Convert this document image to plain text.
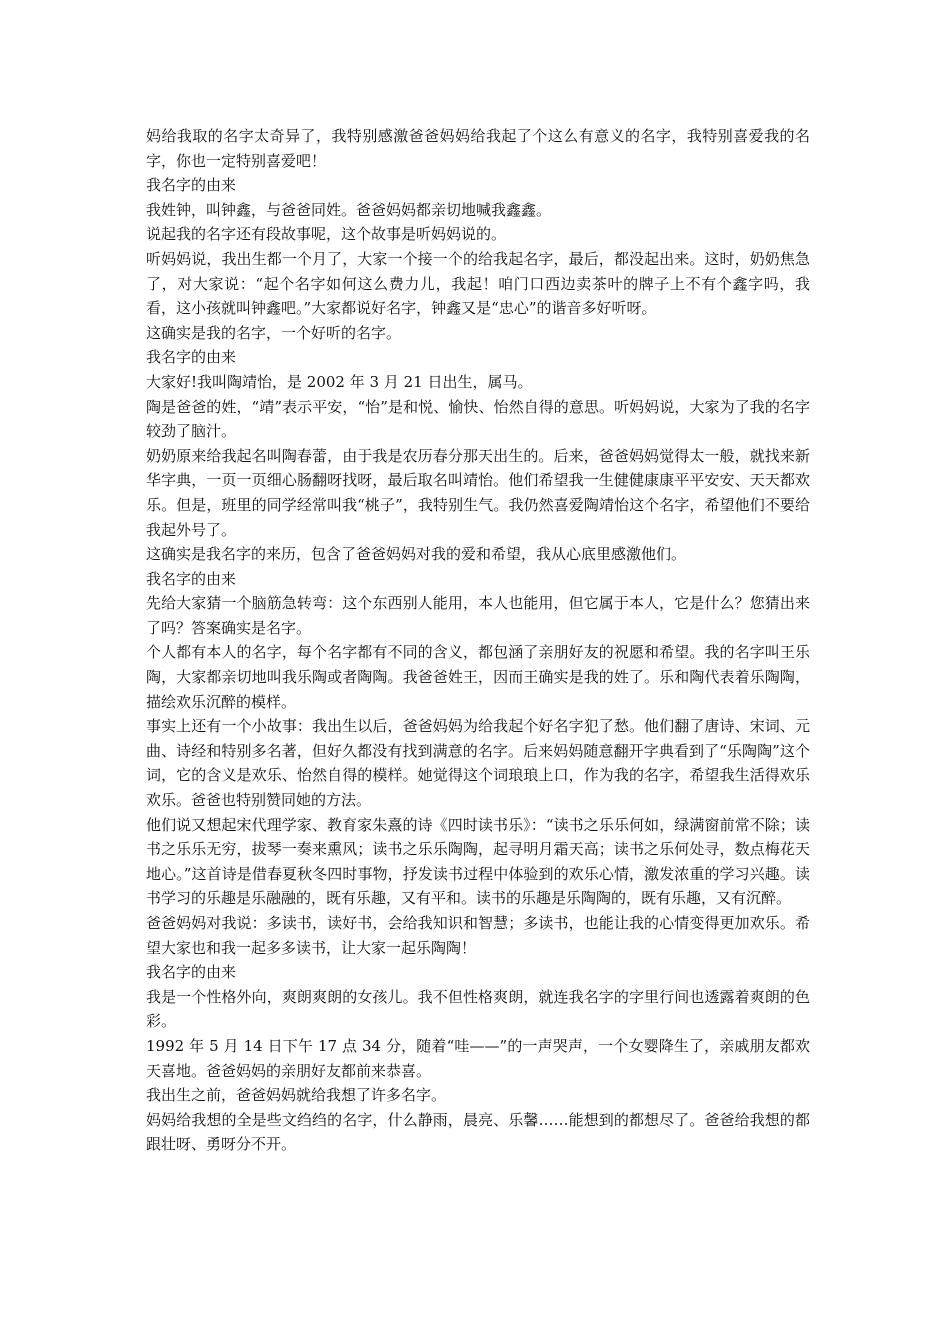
妈给我取的名字太奇异了，我特别感激爸爸妈妈给我起了个这么有意义的名字，我特别喜爱我的名字，你也一定特别喜爱吧！

我名字的由来

我姓钟，叫钟鑫，与爸爸同姓。爸爸妈妈都亲切地喊我鑫鑫。

说起我的名字还有段故事呢，这个故事是听妈妈说的。

听妈妈说，我出生都一个月了，大家一个接一个的给我起名字，最后，都没起出来。这时，奶奶焦急了，对大家说：“起个名字如何这么费力儿，我起！咱门口西边卖茶叶的牌子上不有个鑫字吗，我看，这小孩就叫钟鑫吧。”大家都说好名字，钟鑫又是“忠心”的谐音多好听呀。

这确实是我的名字，一个好听的名字。

我名字的由来

大家好!我叫陶靖怡，是 2002 年 3 月 21 日出生，属马。

陶是爸爸的姓，“靖”表示平安，“怡”是和悦、愉快、怡然自得的意思。听妈妈说，大家为了我的名字较劲了脑汁。

奶奶原来给我起名叫陶春蕾，由于我是农历春分那天出生的。后来，爸爸妈妈觉得太一般，就找来新华字典，一页一页细心肠翻呀找呀，最后取名叫靖怡。他们希望我一生健健康康平平安安、天天都欢乐。但是，班里的同学经常叫我“桃子”，我特别生气。我仍然喜爱陶靖怡这个名字，希望他们不要给我起外号了。

这确实是我名字的来历，包含了爸爸妈妈对我的爱和希望，我从心底里感激他们。

我名字的由来

先给大家猜一个脑筋急转弯：这个东西别人能用，本人也能用，但它属于本人，它是什么？您猜出来了吗？答案确实是名字。

个人都有本人的名字，每个名字都有不同的含义，都包涵了亲朋好友的祝愿和希望。我的名字叫王乐陶，大家都亲切地叫我乐陶或者陶陶。我爸爸姓王，因而王确实是我的姓了。乐和陶代表着乐陶陶，描绘欢乐沉醉的模样。

事实上还有一个小故事：我出生以后，爸爸妈妈为给我起个好名字犯了愁。他们翻了唐诗、宋词、元曲、诗经和特别多名著，但好久都没有找到满意的名字。后来妈妈随意翻开字典看到了“乐陶陶”这个词，它的含义是欢乐、怡然自得的模样。她觉得这个词琅琅上口，作为我的名字，希望我生活得欢乐欢乐。爸爸也特别赞同她的方法。

他们说又想起宋代理学家、教育家朱熹的诗《四时读书乐》：“读书之乐乐何如，绿满窗前常不除；读书之乐乐无穷，拔琴一奏来熏风；读书之乐乐陶陶，起寻明月霜天高；读书之乐何处寻，数点梅花天地心。”这首诗是借春夏秋冬四时事物，抒发读书过程中体验到的欢乐心情，激发浓重的学习兴趣。读书学习的乐趣是乐融融的，既有乐趣，又有平和。读书的乐趣是乐陶陶的，既有乐趣，又有沉醉。

爸爸妈妈对我说：多读书，读好书，会给我知识和智慧；多读书，也能让我的心情变得更加欢乐。希望大家也和我一起多多读书，让大家一起乐陶陶！

我名字的由来

我是一个性格外向，爽朗爽朗的女孩儿。我不但性格爽朗，就连我名字的字里行间也透露着爽朗的色彩。

1992 年 5 月 14 日下午 17 点 34 分，随着“哇——”的一声哭声，一个女婴降生了，亲戚朋友都欢天喜地。爸爸妈妈的亲朋好友都前来恭喜。

我出生之前，爸爸妈妈就给我想了许多名字。

妈妈给我想的全是些文绉绉的名字，什么静雨，晨亮、乐馨……能想到的都想尽了。爸爸给我想的都跟壮呀、勇呀分不开。
